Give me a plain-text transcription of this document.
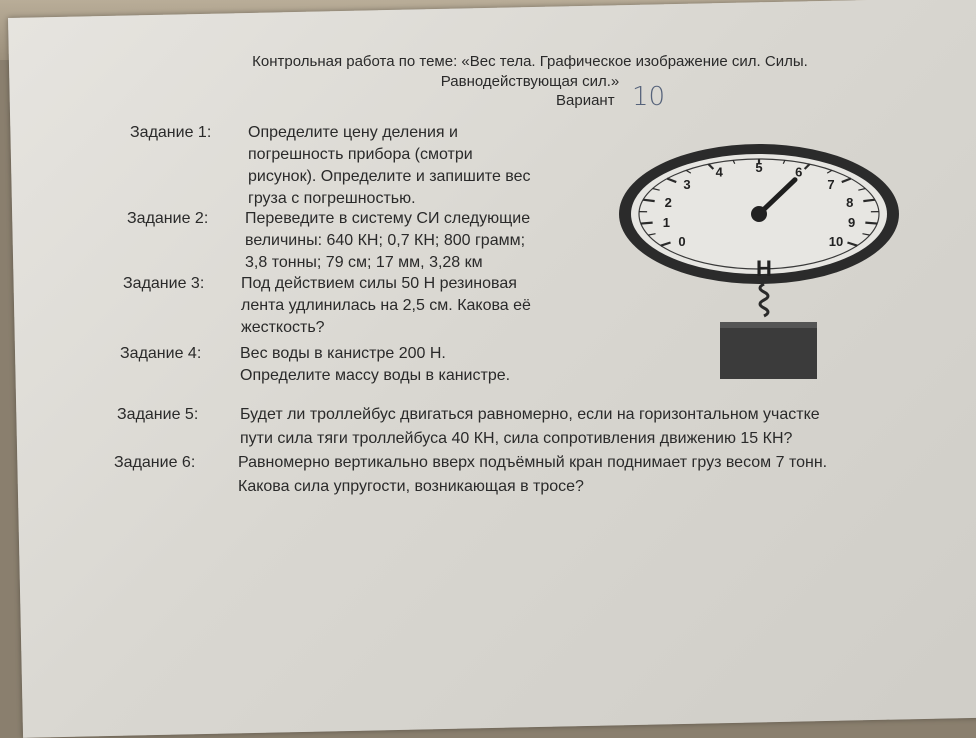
Контрольная работа по теме: «Вес тела. Графическое изображение сил. Силы.
Равнодействующая сил.»
Вариант 10
Задание 1: Определите цену деления и
погрешность прибора (смотри
рисунок). Определите и запишите вес
груза с погрешностью.
Задание 2: Переведите в систему СИ следующие
величины: 640 КН; 0,7 КН; 800 грамм;
3,8 тонны; 79 см; 17 мм, 3,28 км
Задание 3: Под действием силы 50 Н резиновая
лента удлинилась на 2,5 см. Какова её
жесткость?
Задание 4: Вес воды в канистре 200 Н.
Определите массу воды в канистре.
Задание 5:	Будет ли троллейбус двигаться равномерно, если на горизонтальном участке
пути сила тяги троллейбуса 40 КН, сила сопротивления движению 15 КН?
Задание 6:	Равномерно вертикально вверх подъёмный кран поднимает груз весом 7 тонн.
Какова сила упругости, возникающая в тросе?
0
1
2
3
4 5 6
7
8
9
10
Н
